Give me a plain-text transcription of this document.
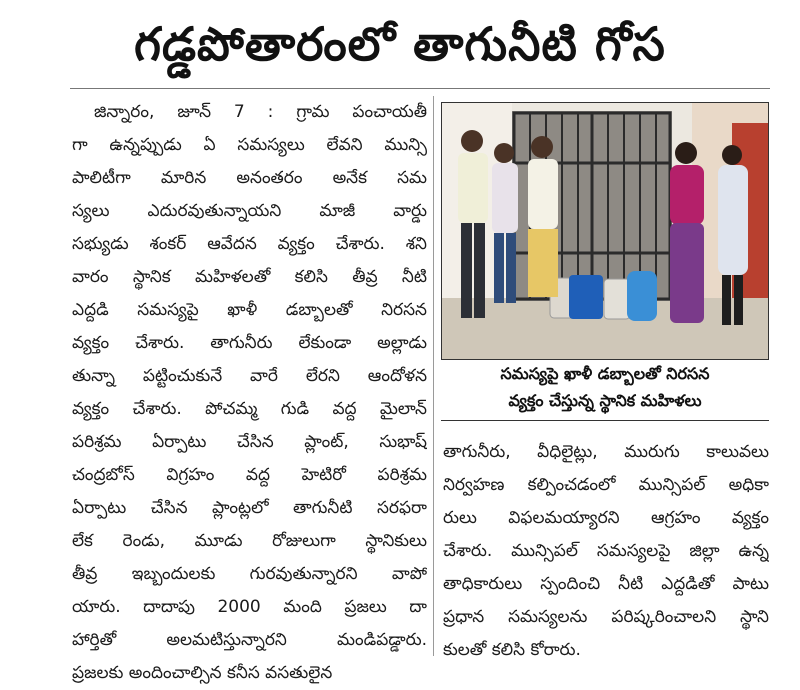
గడ్డపోతారంలో తాగునీటి గోస
జిన్నారం, జూన్ 7 : గ్రామ పంచాయతీ
గా ఉన్నప్పుడు ఏ సమస్యలు లేవని మున్సి
పాలిటీగా మారిన అనంతరం అనేక సమ
స్యలు ఎదురవుతున్నాయని మాజీ వార్డు
సభ్యుడు శంకర్ ఆవేదన వ్యక్తం చేశారు. శని
వారం స్థానిక మహిళలతో కలిసి తీవ్ర నీటి
ఎద్దడి సమస్యపై ఖాళీ డబ్బాలతో నిరసన
వ్యక్తం చేశారు. తాగునీరు లేకుండా అల్లాడు
తున్నా పట్టించుకునే వారే లేరని ఆందోళన
వ్యక్తం చేశారు. పోచమ్మ గుడి వద్ద మైలాన్
పరిశ్రమ ఏర్పాటు చేసిన ప్లాంట్, సుభాష్
చంద్రబోస్ విగ్రహం వద్ద హెటిరో పరిశ్రమ
ఏర్పాటు చేసిన ప్లాంట్లలో తాగునీటి సరఫరా
లేక రెండు, మూడు రోజులుగా స్థానికులు
తీవ్ర ఇబ్బందులకు గురవుతున్నారని వాపో
యారు. దాదాపు 2000 మంది ప్రజలు దా
హార్తితో అలమటిస్తున్నారని మండిపడ్డారు.
ప్రజలకు అందించాల్సిన కనీస వసతులైన
సమస్యపై ఖాళీ డబ్బాలతో నిరసన
వ్యక్తం చేస్తున్న స్థానిక మహిళలు
తాగునీరు, వీధిలైట్లు, మురుగు కాలువలు
నిర్వహణ కల్పించడంలో మున్సిపల్ అధికా
రులు విఫలమయ్యారని ఆగ్రహం వ్యక్తం
చేశారు. మున్సిపల్ సమస్యలపై జిల్లా ఉన్న
తాధికారులు స్పందించి నీటి ఎద్దడితో పాటు
ప్రధాన సమస్యలను పరిష్కరించాలని స్థాని
కులతో కలిసి కోరారు.
